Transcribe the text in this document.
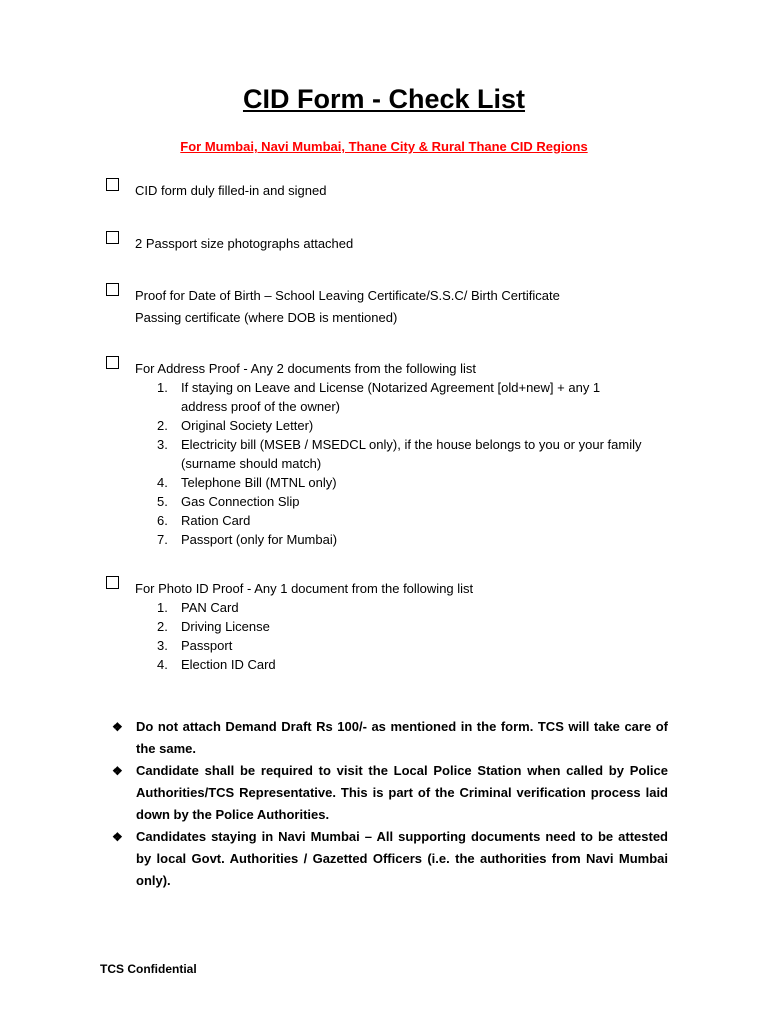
CID Form - Check List
For Mumbai, Navi Mumbai, Thane City & Rural Thane CID Regions
CID form duly filled-in and signed
2 Passport size photographs attached
Proof for Date of Birth – School Leaving Certificate/S.S.C/ Birth Certificate
Passing certificate (where DOB is mentioned)
For Address Proof - Any 2 documents from the following list
1.	If staying on Leave and License (Notarized Agreement [old+new] + any 1
address proof of the owner)
2.	Original Society Letter)
3.	Electricity bill (MSEB / MSEDCL only), if the house belongs to you or your family
(surname should match)
4.	Telephone Bill (MTNL only)
5.	Gas Connection Slip
6.	Ration Card
7.	Passport (only for Mumbai)
For Photo ID Proof - Any 1 document from the following list
1.	PAN Card
2.	Driving License
3.	Passport
4.	Election ID Card
❖ Do not attach Demand Draft Rs 100/- as mentioned in the form. TCS will take care of the same.
❖ Candidate shall be required to visit the Local Police Station when called by Police Authorities/TCS Representative. This is part of the Criminal verification process laid down by the Police Authorities.
❖ Candidates staying in Navi Mumbai – All supporting documents need to be attested by local Govt. Authorities / Gazetted Officers (i.e. the authorities from Navi Mumbai only).
TCS Confidential
